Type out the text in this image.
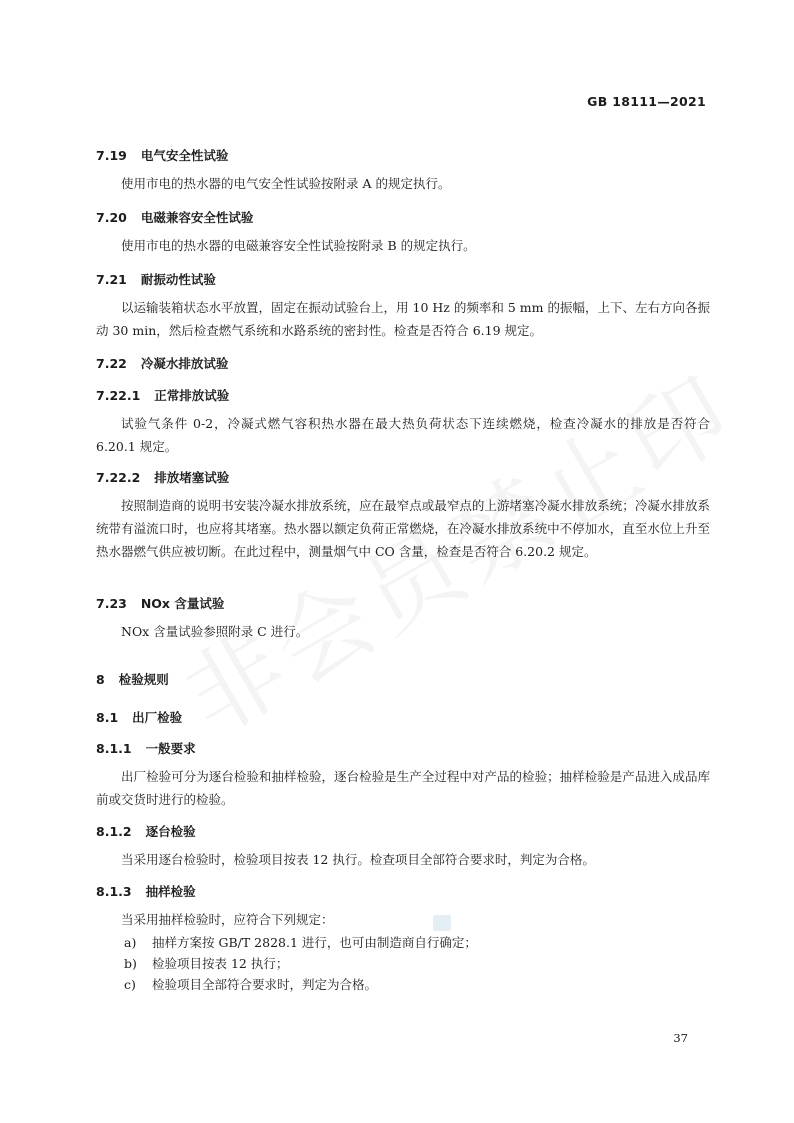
GB 18111—2021
7.19	电气安全性试验

使用市电的热水器的电气安全性试验按附录 A 的规定执行。

7.20	电磁兼容安全性试验

使用市电的热水器的电磁兼容安全性试验按附录 B 的规定执行。

7.21	耐振动性试验

以运输装箱状态水平放置，固定在振动试验台上，用 10 Hz 的频率和 5 mm 的振幅，上下、左右方向各振动 30 min，然后检查燃气系统和水路系统的密封性。检查是否符合 6.19 规定。

7.22	冷凝水排放试验
7.22.1	正常排放试验

试验气条件 0-2，冷凝式燃气容积热水器在最大热负荷状态下连续燃烧，检查冷凝水的排放是否符合 6.20.1 规定。

7.22.2	排放堵塞试验

按照制造商的说明书安装冷凝水排放系统，应在最窄点或最窄点的上游堵塞冷凝水排放系统；冷凝水排放系统带有溢流口时，也应将其堵塞。热水器以额定负荷正常燃烧，在冷凝水排放系统中不停加水，直至水位上升至热水器燃气供应被切断。在此过程中，测量烟气中 CO 含量，检查是否符合 6.20.2 规定。

7.23	NOx 含量试验

NOx 含量试验参照附录 C 进行。

8	检验规则
8.1	出厂检验
8.1.1	一般要求

出厂检验可分为逐台检验和抽样检验，逐台检验是生产全过程中对产品的检验；抽样检验是产品进入成品库前或交货时进行的检验。

8.1.2	逐台检验

当采用逐台检验时，检验项目按表 12 执行。检查项目全部符合要求时，判定为合格。

8.1.3	抽样检验

当采用抽样检验时，应符合下列规定：

a)	抽样方案按 GB/T 2828.1 进行，也可由制造商自行确定；
b)	检验项目按表 12 执行；
c)	检验项目全部符合要求时，判定为合格。
37
